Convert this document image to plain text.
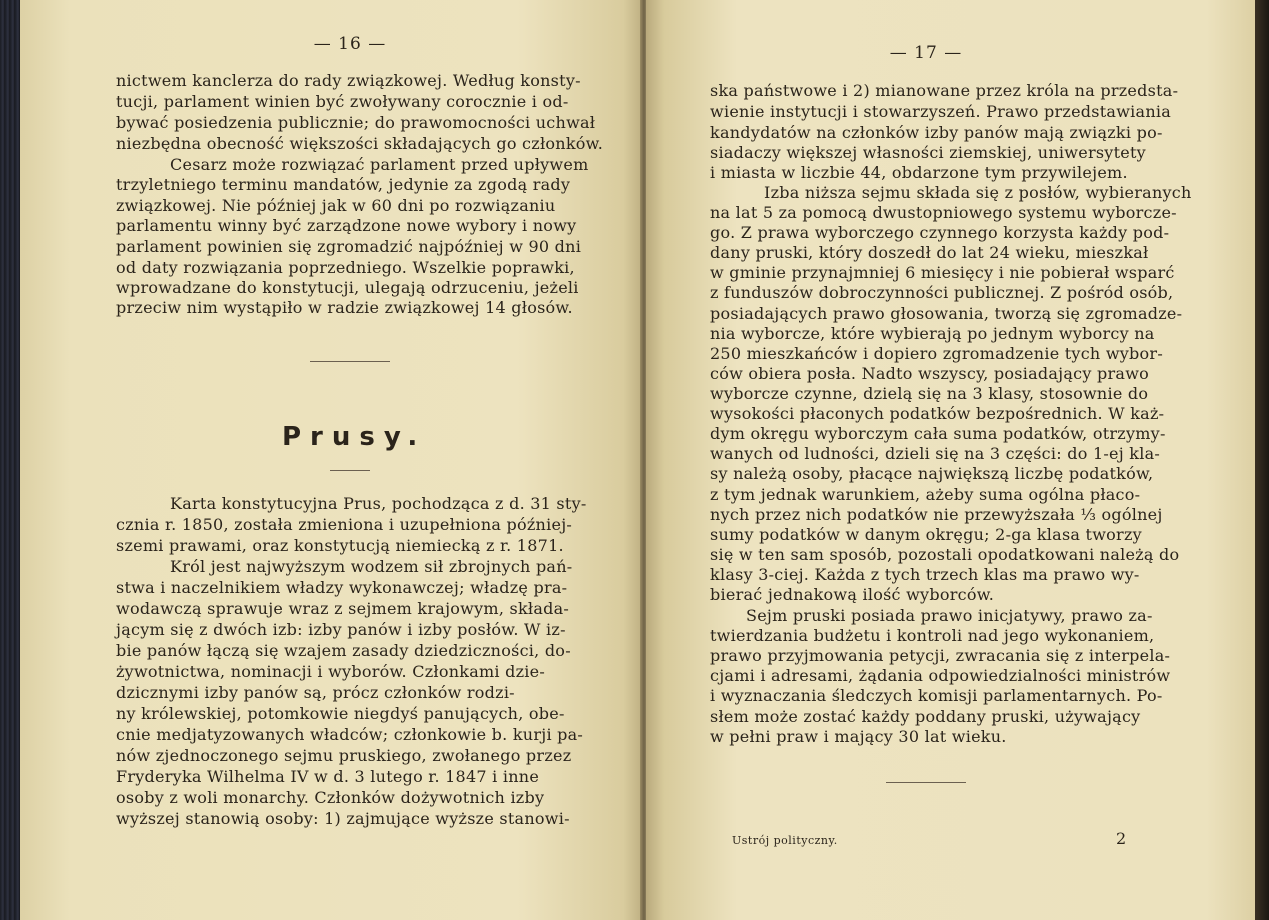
— 16 —
nictwem kanclerza do rady związkowej. Według konsty-
tucji, parlament winien być zwoływany corocznie i od-
bywać posiedzenia publicznie; do prawomocności uchwał
niezbędna obecność większości składających go członków.
Cesarz może rozwiązać parlament przed upływem
trzyletniego terminu mandatów, jedynie za zgodą rady
związkowej. Nie później jak w 60 dni po rozwiązaniu
parlamentu winny być zarządzone nowe wybory i nowy
parlament powinien się zgromadzić najpóźniej w 90 dni
od daty rozwiązania poprzedniego. Wszelkie poprawki,
wprowadzane do konstytucji, ulegają odrzuceniu, jeżeli
przeciw nim wystąpiło w radzie związkowej 14 głosów.
Prusy.
Karta konstytucyjna Prus, pochodząca z d. 31 sty-
cznia r. 1850, została zmieniona i uzupełniona później-
szemi prawami, oraz konstytucją niemiecką z r. 1871.
Król jest najwyższym wodzem sił zbrojnych pań-
stwa i naczelnikiem władzy wykonawczej; władzę pra-
wodawczą sprawuje wraz z sejmem krajowym, składa-
jącym się z dwóch izb: izby panów i izby posłów. W iz-
bie panów łączą się wzajem zasady dziedziczności, do-
żywotnictwa, nominacji i wyborów. Członkami dzie-
dzicznymi izby panów są, prócz członków rodzi-
ny królewskiej, potomkowie niegdyś panujących, obe-
cnie medjatyzowanych władców; członkowie b. kurji pa-
nów zjednoczonego sejmu pruskiego, zwołanego przez
Fryderyka Wilhelma IV w d. 3 lutego r. 1847 i inne
osoby z woli monarchy. Członków dożywotnich izby
wyższej stanowią osoby: 1) zajmujące wyższe stanowi-
— 17 —
ska państwowe i 2) mianowane przez króla na przedsta-
wienie instytucji i stowarzyszeń. Prawo przedstawiania
kandydatów na członków izby panów mają związki po-
siadaczy większej własności ziemskiej, uniwersytety
i miasta w liczbie 44, obdarzone tym przywilejem.
Izba niższa sejmu składa się z posłów, wybieranych
na lat 5 za pomocą dwustopniowego systemu wyborcze-
go. Z prawa wyborczego czynnego korzysta każdy pod-
dany pruski, który doszedł do lat 24 wieku, mieszkał
w gminie przynajmniej 6 miesięcy i nie pobierał wsparć
z funduszów dobroczynności publicznej. Z pośród osób,
posiadających prawo głosowania, tworzą się zgromadze-
nia wyborcze, które wybierają po jednym wyborcy na
250 mieszkańców i dopiero zgromadzenie tych wybor-
ców obiera posła. Nadto wszyscy, posiadający prawo
wyborcze czynne, dzielą się na 3 klasy, stosownie do
wysokości płaconych podatków bezpośrednich. W każ-
dym okręgu wyborczym cała suma podatków, otrzymy-
wanych od ludności, dzieli się na 3 części: do 1-ej kla-
sy należą osoby, płacące największą liczbę podatków,
z tym jednak warunkiem, ażeby suma ogólna płaco-
nych przez nich podatków nie przewyższała ⅓ ogólnej
sumy podatków w danym okręgu; 2-ga klasa tworzy
się w ten sam sposób, pozostali opodatkowani należą do
klasy 3-ciej. Każda z tych trzech klas ma prawo wy-
bierać jednakową ilość wyborców.
Sejm pruski posiada prawo inicjatywy, prawo za-
twierdzania budżetu i kontroli nad jego wykonaniem,
prawo przyjmowania petycji, zwracania się z interpela-
cjami i adresami, żądania odpowiedzialności ministrów
i wyznaczania śledczych komisji parlamentarnych. Po-
słem może zostać każdy poddany pruski, używający
w pełni praw i mający 30 lat wieku.
Ustrój polityczny.	2
